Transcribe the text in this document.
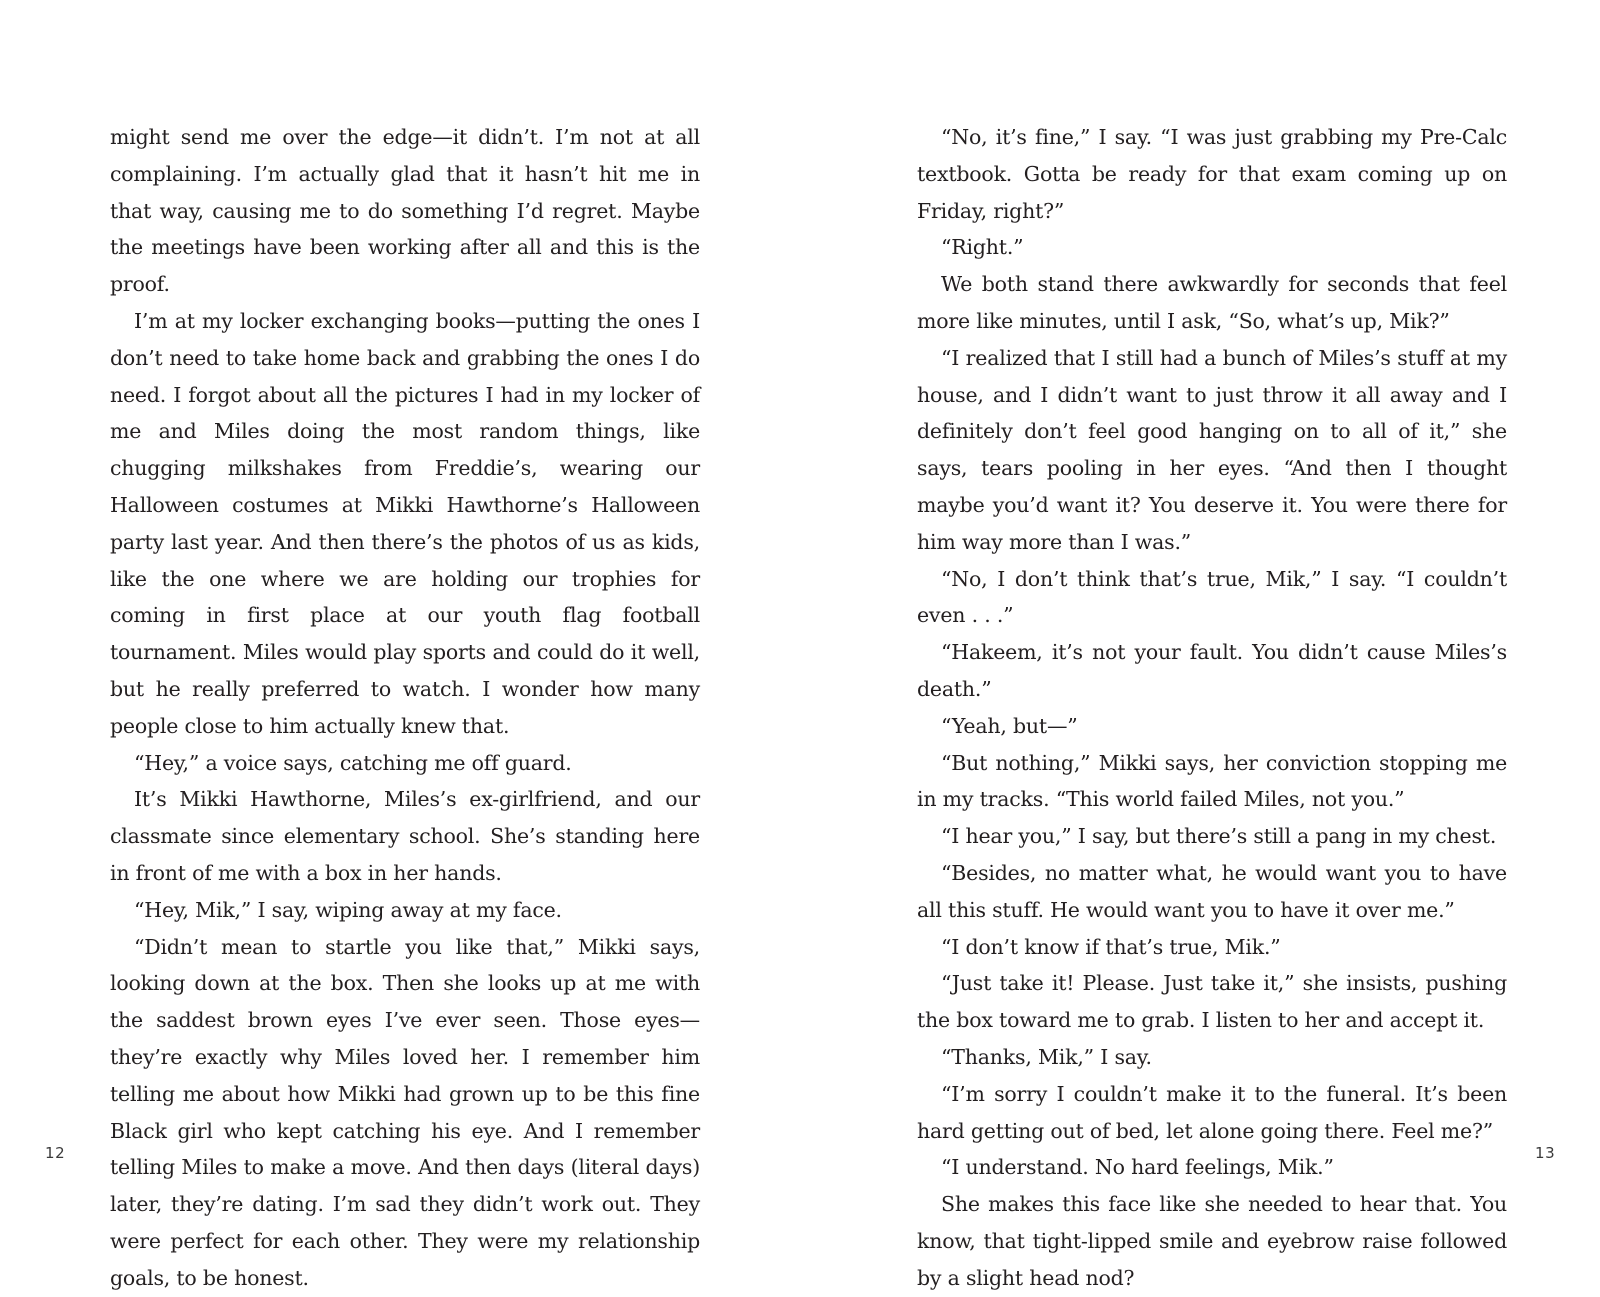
might send me over the edge—it didn’t. I’m not at all complaining. I’m actually glad that it hasn’t hit me in that way, causing me to do something I’d regret. Maybe the meetings have been working after all and this is the proof.

I’m at my locker exchanging books—putting the ones I don’t need to take home back and grabbing the ones I do need. I forgot about all the pictures I had in my locker of me and Miles doing the most random things, like chugging milkshakes from Freddie’s, wearing our Halloween costumes at Mikki Hawthorne’s Halloween party last year. And then there’s the photos of us as kids, like the one where we are holding our trophies for coming in first place at our youth flag football tournament. Miles would play sports and could do it well, but he really preferred to watch. I wonder how many people close to him actually knew that.

“Hey,” a voice says, catching me off guard.

It’s Mikki Hawthorne, Miles’s ex-girlfriend, and our classmate since elementary school. She’s standing here in front of me with a box in her hands.

“Hey, Mik,” I say, wiping away at my face.

“Didn’t mean to startle you like that,” Mikki says, looking down at the box. Then she looks up at me with the saddest brown eyes I’ve ever seen. Those eyes—they’re exactly why Miles loved her. I remember him telling me about how Mikki had grown up to be this fine Black girl who kept catching his eye. And I remember telling Miles to make a move. And then days (literal days) later, they’re dating. I’m sad they didn’t work out. They were perfect for each other. They were my relationship goals, to be honest.

“No, it’s fine,” I say. “I was just grabbing my Pre-Calc textbook. Gotta be ready for that exam coming up on Friday, right?”

“Right.”

We both stand there awkwardly for seconds that feel more like minutes, until I ask, “So, what’s up, Mik?”

“I realized that I still had a bunch of Miles’s stuff at my house, and I didn’t want to just throw it all away and I definitely don’t feel good hanging on to all of it,” she says, tears pooling in her eyes. “And then I thought maybe you’d want it? You deserve it. You were there for him way more than I was.”

“No, I don’t think that’s true, Mik,” I say. “I couldn’t even . . .”

“Hakeem, it’s not your fault. You didn’t cause Miles’s death.”

“Yeah, but—”

“But nothing,” Mikki says, her conviction stopping me in my tracks. “This world failed Miles, not you.”

“I hear you,” I say, but there’s still a pang in my chest.

“Besides, no matter what, he would want you to have all this stuff. He would want you to have it over me.”

“I don’t know if that’s true, Mik.”

“Just take it! Please. Just take it,” she insists, pushing the box toward me to grab. I listen to her and accept it.

“Thanks, Mik,” I say.

“I’m sorry I couldn’t make it to the funeral. It’s been hard getting out of bed, let alone going there. Feel me?”

“I understand. No hard feelings, Mik.”

She makes this face like she needed to hear that. You know, that tight-lipped smile and eyebrow raise followed by a slight head nod?

12	13
